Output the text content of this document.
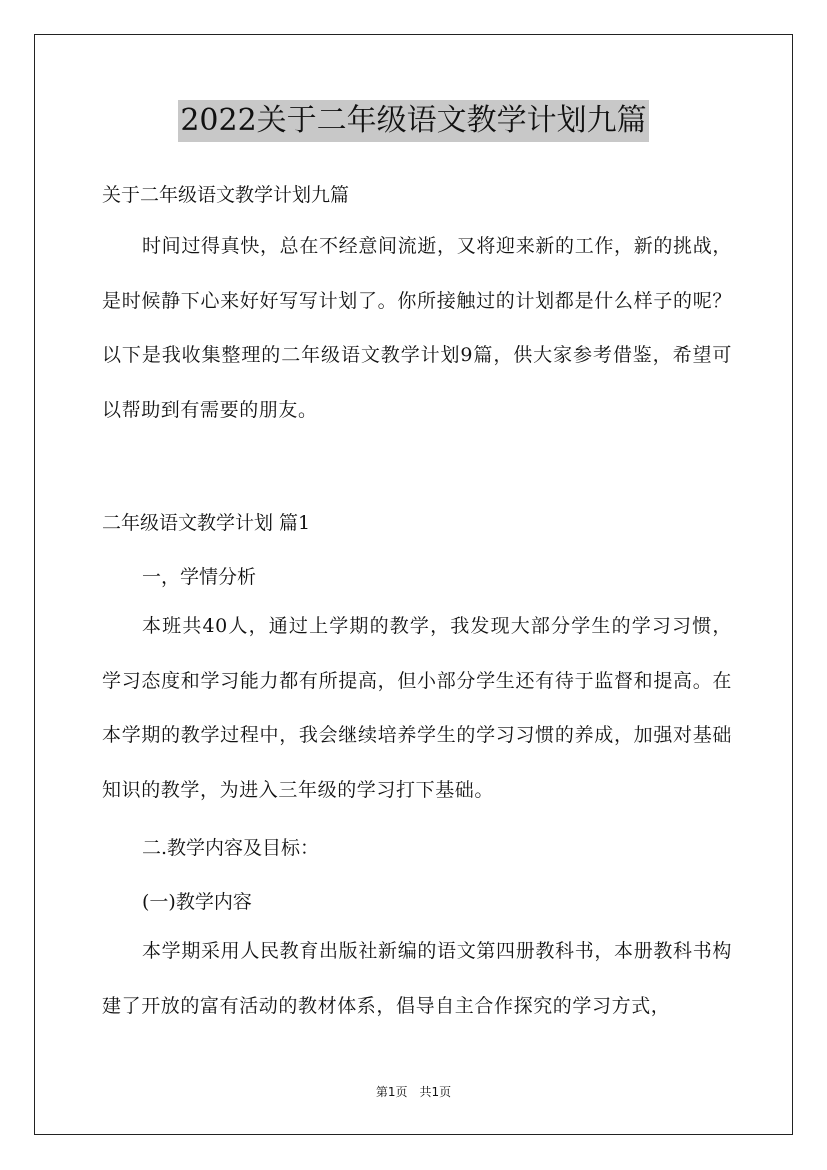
2022关于二年级语文教学计划九篇

关于二年级语文教学计划九篇

时间过得真快，总在不经意间流逝，又将迎来新的工作，新的挑战，是时候静下心来好好写写计划了。你所接触过的计划都是什么样子的呢？以下是我收集整理的二年级语文教学计划9篇，供大家参考借鉴，希望可以帮助到有需要的朋友。

二年级语文教学计划 篇1

一，学情分析

本班共40人，通过上学期的教学，我发现大部分学生的学习习惯，学习态度和学习能力都有所提高，但小部分学生还有待于监督和提高。在本学期的教学过程中，我会继续培养学生的学习习惯的养成，加强对基础知识的教学，为进入三年级的学习打下基础。

二.教学内容及目标：

(一)教学内容

本学期采用人民教育出版社新编的语文第四册教科书，本册教科书构建了开放的富有活动的教材体系，倡导自主合作探究的学习方式，

第1页　共1页
